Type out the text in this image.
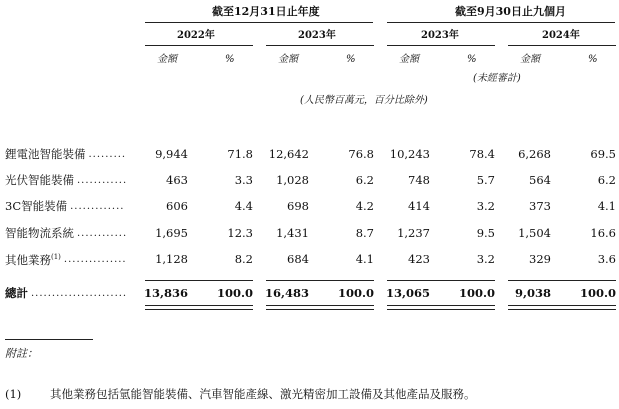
截至12月31日止年度	截至9月30日止九個月
2022年	2023年	2023年	2024年
金額	%	金額	%	金額	%	金額	%
(未經審計)
(人民幣百萬元，百分比除外)
鋰電池智能裝備 .........	9,944	71.8 12,642	76.8 10,243	78.4 6,268	69.5
光伏智能裝備 ............	463	3.3 1,028	6.2	748	5.7	564	6.2
3C智能裝備 .............	606	4.4	698	4.2	414	3.2	373	4.1
智能物流系統 ............ 1,695	12.3 1,431	8.7 1,237	9.5 1,504	16.6
其他業務$^{(1)}$ ............... 1,128	8.2	684	4.1	423	3.2	329	3.6
總計 ....................... 13,836	100.0 16,483	100.0 13,065	100.0 9,038	100.0
附註：
(1) 其他業務包括氫能智能裝備、汽車智能產線、激光精密加工設備及其他產品及服務。
